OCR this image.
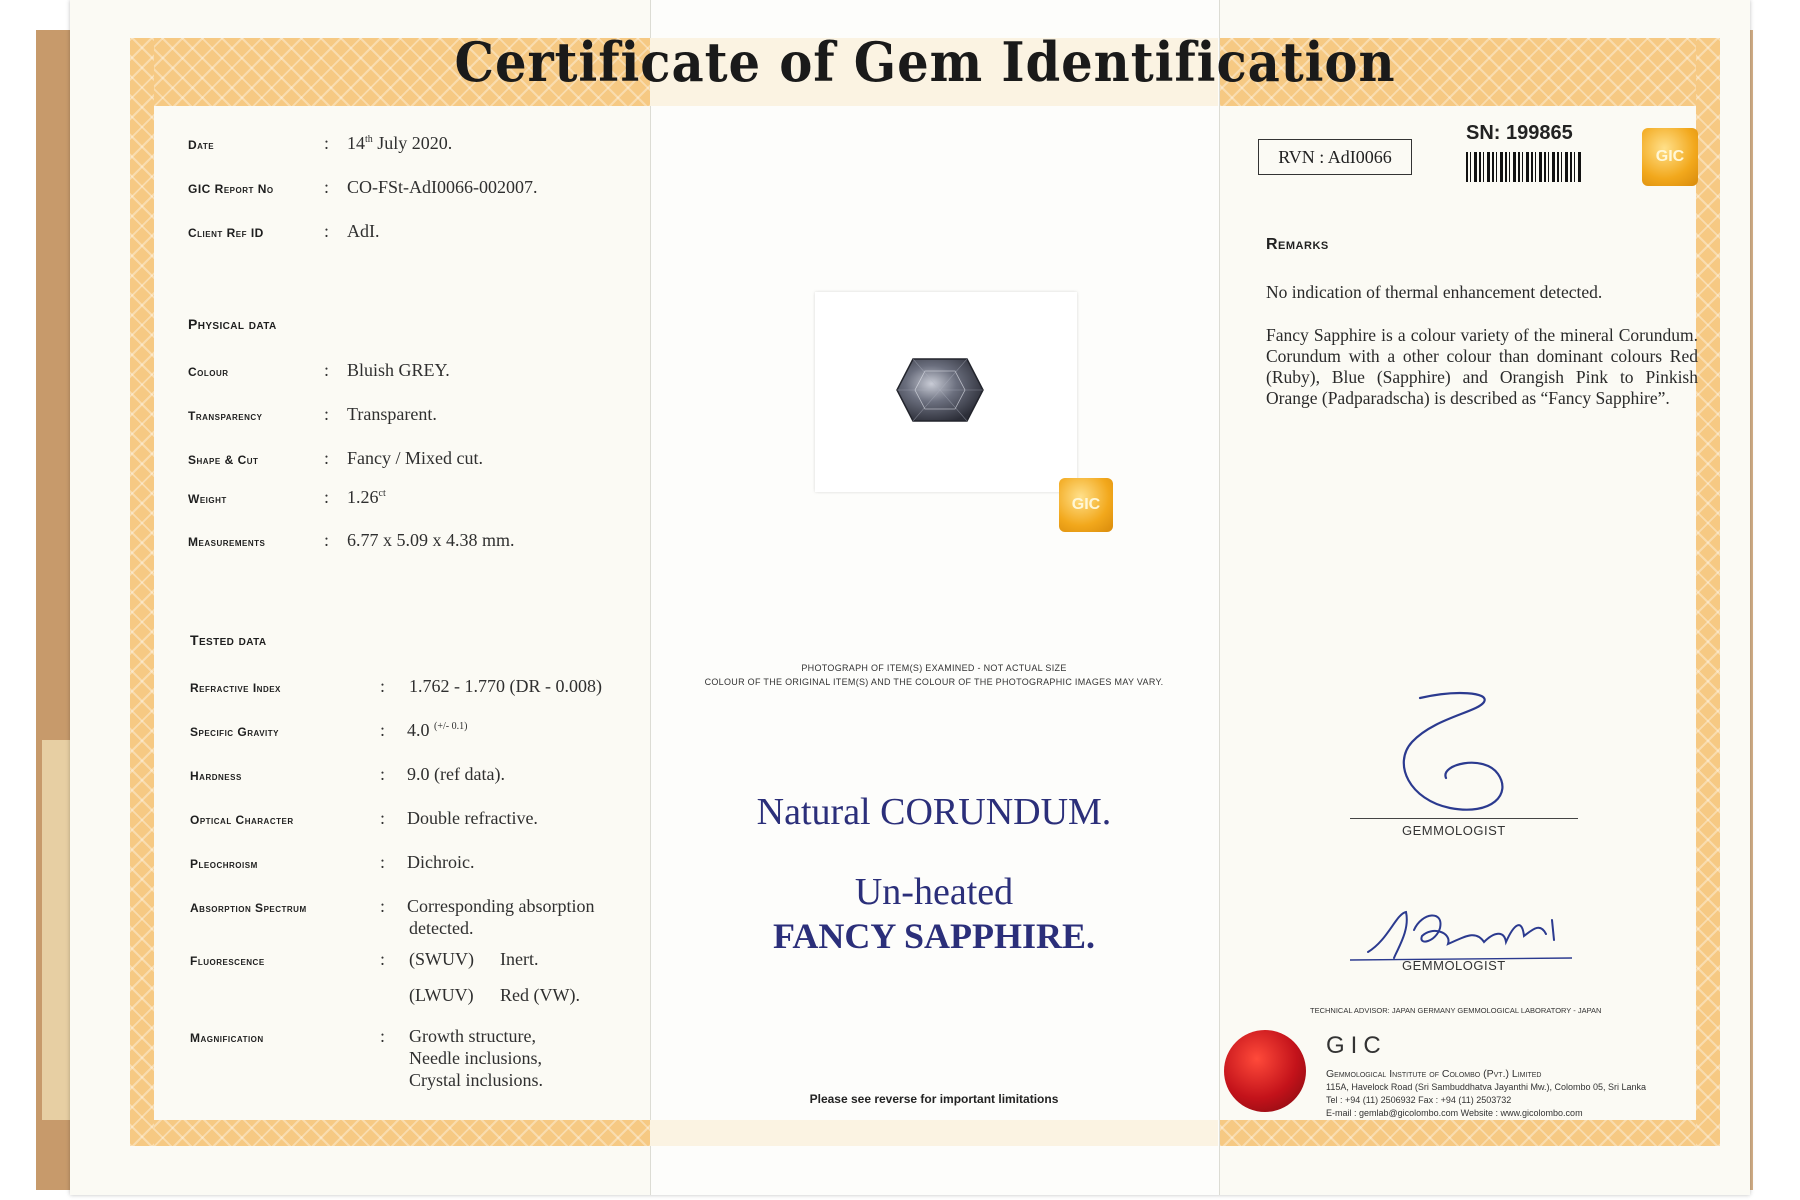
Certificate of Gem Identification
Date	: 14th July 2020.
GIC Report No	: CO-FSt-AdI0066-002007.
Client Ref ID	: AdI.
Physical data
Colour	: Bluish GREY.
Transparency	: Transparent.
Shape & Cut	: Fancy / Mixed cut.
Weight	: $1.26^{ct}$
Measurements	: 6.77 x 5.09 x 4.38 mm.
Tested data
Refractive Index	: 1.762 - 1.770 (DR - 0.008)
Specific Gravity	: 4.0 $^{(+/- 0.1)}$
Hardness	: 9.0 (ref data).
Optical Character	: Double refractive.
Pleochroism	: Dichroic.
Absorption Spectrum	: Corresponding absorption
detected.
Fluorescence	: (SWUV) Inert.
(LWUV) Red (VW).
Magnification	: Growth structure,
Needle inclusions,
Crystal inclusions.
GIC
PHOTOGRAPH OF ITEM(S) EXAMINED - NOT ACTUAL SIZE
COLOUR OF THE ORIGINAL ITEM(S) AND THE COLOUR OF THE PHOTOGRAPHIC IMAGES MAY VARY.
Natural CORUNDUM.
Un-heated
FANCY SAPPHIRE.
Please see reverse for important limitations
RVN : AdI0066
SN: 199865
GIC
Remarks
No indication of thermal enhancement detected.
Fancy Sapphire is a colour variety of the mineral Corundum. Corundum with a other colour than dominant colours Red (Ruby), Blue (Sapphire) and Orangish Pink to Pinkish Orange (Padparadscha) is described as “Fancy Sapphire”.
GEMMOLOGIST
GEMMOLOGIST
TECHNICAL ADVISOR: JAPAN GERMANY GEMMOLOGICAL LABORATORY - JAPAN
GIC
Gemmological Institute of Colombo (Pvt.) Limited
115A, Havelock Road (Sri Sambuddhatva Jayanthi Mw.), Colombo 05, Sri Lanka
Tel : +94 (11) 2506932 Fax : +94 (11) 2503732
E-mail : gemlab@gicolombo.com Website : www.gicolombo.com
